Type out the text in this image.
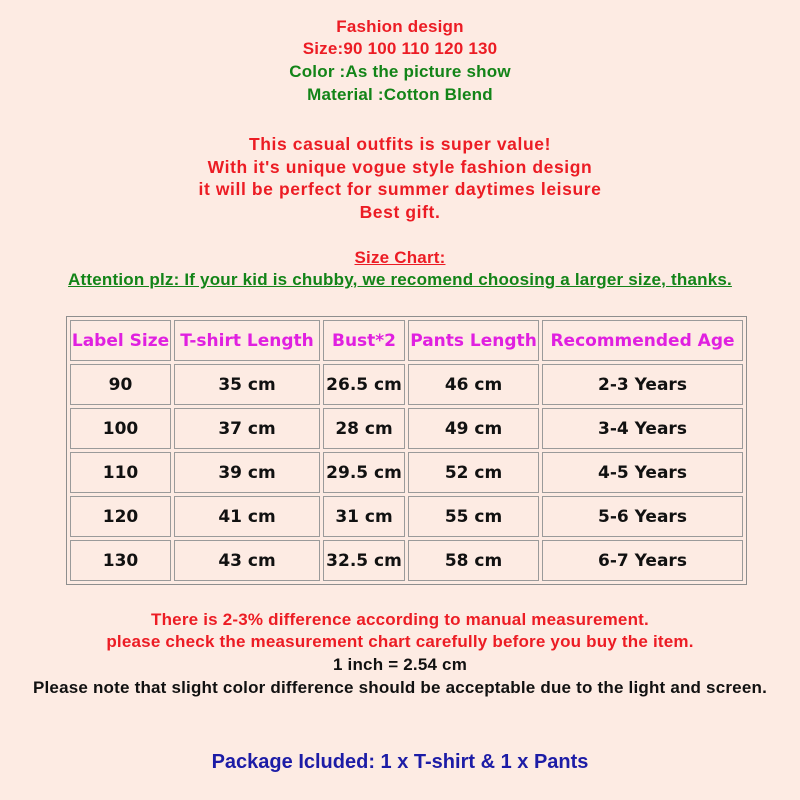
Fashion design
Size:90 100 110 120 130
Color :As the picture show
Material :Cotton Blend
This casual outfits is super value!
With it's unique vogue style fashion design
it will be perfect for summer daytimes leisure
Best gift.
Size Chart:
Attention plz: If your kid is chubby, we recomend choosing a larger size, thanks.
Label Size	T-shirt Length	Bust*2	Pants Length	Recommended Age
90	35 cm	26.5 cm	46 cm	2-3 Years
100	37 cm	28 cm	49 cm	3-4 Years
110	39 cm	29.5 cm	52 cm	4-5 Years
120	41 cm	31 cm	55 cm	5-6 Years
130	43 cm	32.5 cm	58 cm	6-7 Years
There is 2-3% difference according to manual measurement.
please check the measurement chart carefully before you buy the item.
1 inch = 2.54 cm
Please note that slight color difference should be acceptable due to the light and screen.
Package Icluded: 1 x T-shirt & 1 x Pants
